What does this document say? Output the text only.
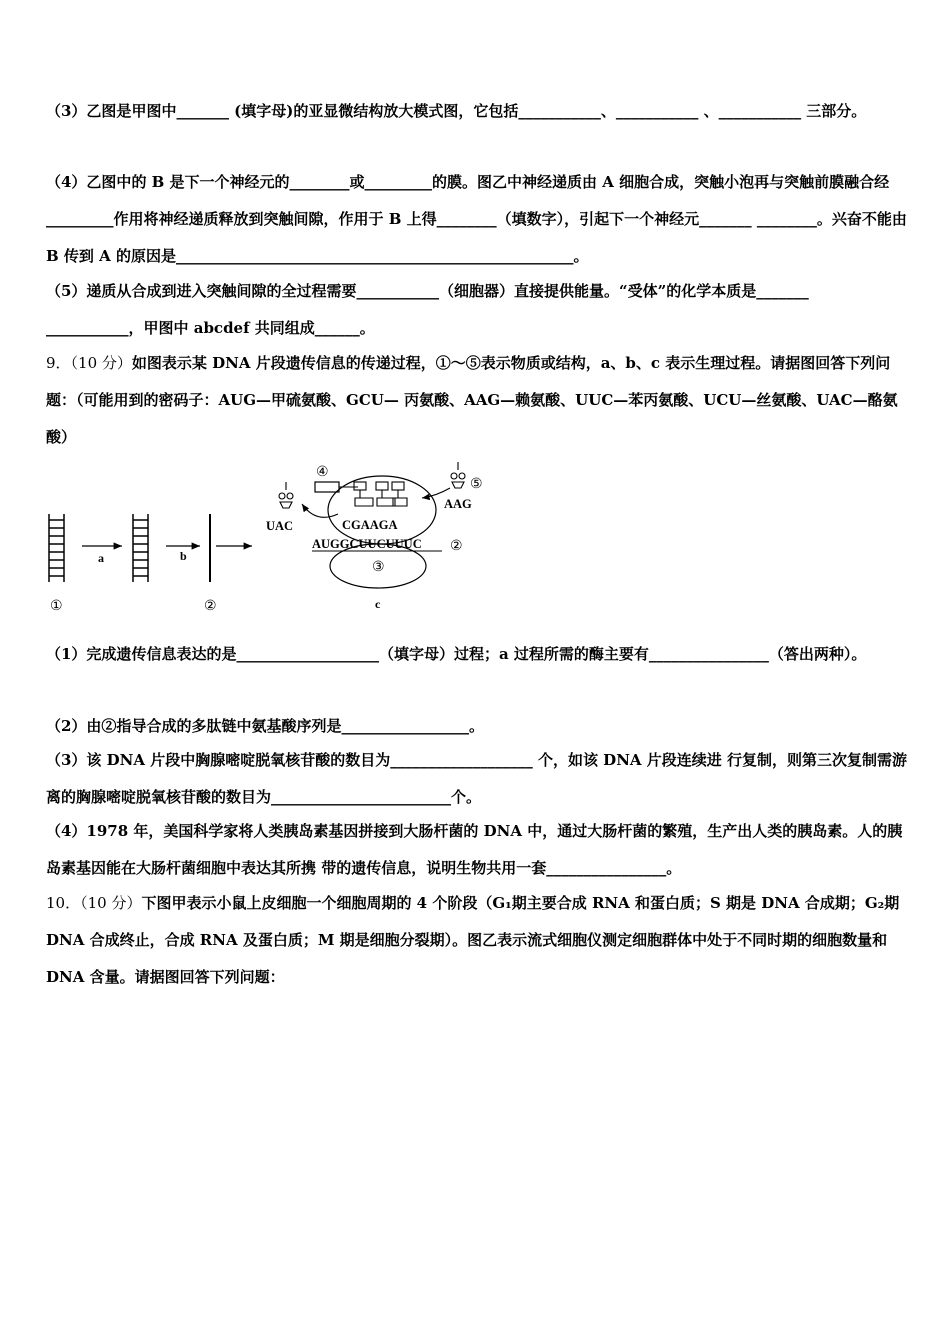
（3）乙图是甲图中_______ (填字母)的亚显微结构放大模式图，它包括___________、___________ 、___________ 三部分。

（4）乙图中的 B 是下一个神经元的________或_________的膜。图乙中神经递质由 A 细胞合成，突触小泡再与突触前膜融合经_________作用将神经递质释放到突触间隙，作用于 B 上得________（填数字），引起下一个神经元_______ ________。兴奋不能由 B 传到 A 的原因是_____________________________________________________。

（5）递质从合成到进入突触间隙的全过程需要___________（细胞器）直接提供能量。“受体”的化学本质是_______ ___________，甲图中 abcdef 共同组成______。

9．（10 分）如图表示某 DNA 片段遗传信息的传递过程，①～⑤表示物质或结构，a、b、c 表示生理过程。请据图回答下列问题：（可能用到的密码子：AUG—甲硫氨酸、GCU— 丙氨酸、AAG—赖氨酸、UUC—苯丙氨酸、UCU—丝氨酸、UAC—酪氨酸）

a	b
①	②
③
c
④
CGAAGA
AUGGCUUCUUUC ②
UAC
⑤
AAG

（1）完成遗传信息表达的是___________________（填字母）过程；a 过程所需的酶主要有________________（答出两种）。

（2）由②指导合成的多肽链中氨基酸序列是_________________。

（3）该 DNA 片段中胸腺嘧啶脱氧核苷酸的数目为___________________ 个，如该 DNA 片段连续进 行复制，则第三次复制需游离的胸腺嘧啶脱氧核苷酸的数目为________________________个。

（4）1978 年，美国科学家将人类胰岛素基因拼接到大肠杆菌的 DNA 中，通过大肠杆菌的繁殖，生产出人类的胰岛素。人的胰岛素基因能在大肠杆菌细胞中表达其所携 带的遗传信息，说明生物共用一套________________。

10．（10 分）下图甲表示小鼠上皮细胞一个细胞周期的 4 个阶段（G₁期主要合成 RNA 和蛋白质；S 期是 DNA 合成期；G₂期 DNA 合成终止，合成 RNA 及蛋白质；M 期是细胞分裂期）。图乙表示流式细胞仪测定细胞群体中处于不同时期的细胞数量和 DNA 含量。请据图回答下列问题：
